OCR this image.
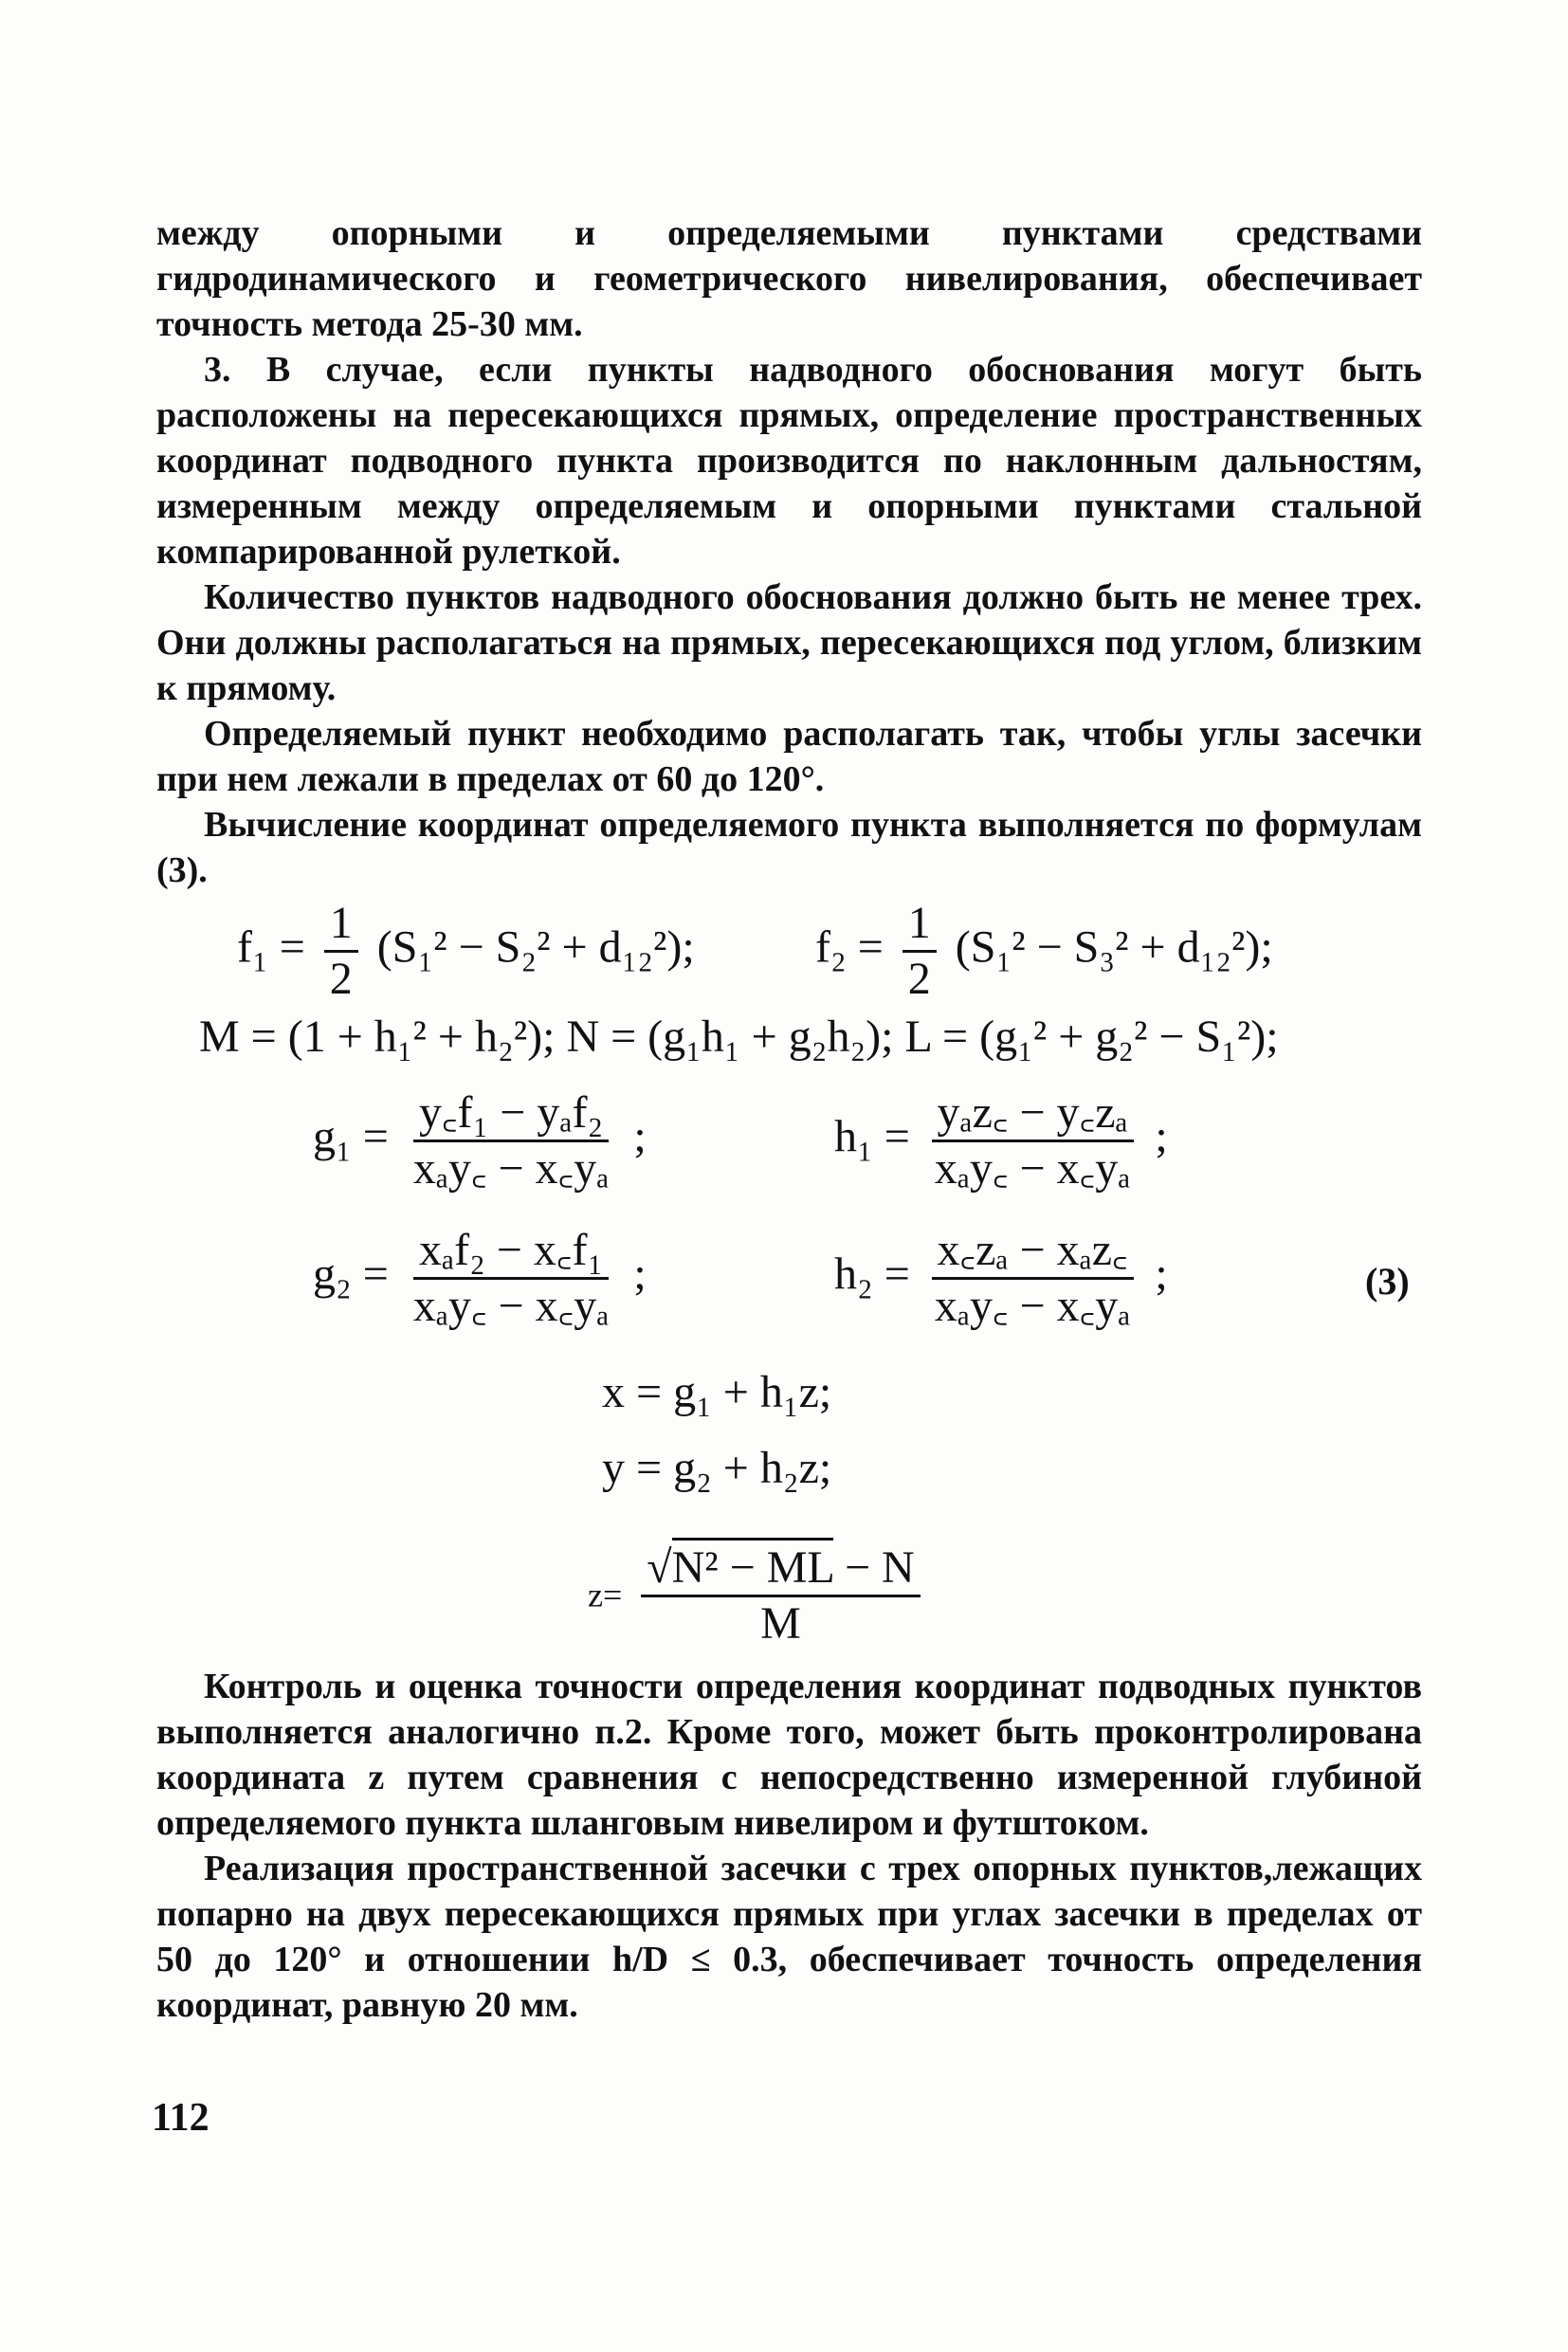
между опорными и определяемыми пунктами средствами гидродинамического и геометрического нивелирования, обеспечивает точность метода 25-30 мм.

3. В случае, если пункты надводного обоснования могут быть расположены на пересекающихся прямых, определение пространственных координат подводного пункта производится по наклонным дальностям, измеренным между определяемым и опорными пунктами стальной компарированной рулеткой.

Количество пунктов надводного обоснования должно быть не менее трех. Они должны располагаться на прямых, пересекающихся под углом, близким к прямому.

Определяемый пункт необходимо располагать так, чтобы углы засечки при нем лежали в пределах от 60 до 120°.

Вычисление координат определяемого пункта выполняется по формулам (3).

$f_1 = \frac{1}{2} (S_1^2 - S_2^2 + d_{12}^2)$;	$f_2 = \frac{1}{2} (S_1^2 - S_3^2 + d_{12}^2)$;
M = (1 + h₁² + h₂²); N = (g₁h₁ + g₂h₂); L = (g₁² + g₂² − S₁²);
$g_1 = \frac{\text{y꜀f₁ − yₐf₂}}{\text{xₐy꜀ − x꜀yₐ}}$ ;	$h_1 = \frac{\text{yₐz꜀ − y꜀zₐ}}{\text{xₐy꜀ − x꜀yₐ}}$ ;
$g_2 = \frac{\text{xₐf₂ − x꜀f₁}}{\text{xₐy꜀ − x꜀yₐ}}$ ;	$h_2 = \frac{\text{x꜀zₐ − xₐz꜀}}{\text{xₐy꜀ − x꜀yₐ}}$ ;	(3)
x = g₁ + h₁z;
y = g₂ + h₂z;
$z= \frac{\text{√N² − ML − N}}{M}$

Контроль и оценка точности определения координат подводных пунктов выполняется аналогично п.2. Кроме того, может быть проконтролирована координата z путем сравнения с непосредственно измеренной глубиной определяемого пункта шланговым нивелиром и футштоком.

Реализация пространственной засечки с трех опорных пунктов,лежащих попарно на двух пересекающихся прямых при углах засечки в пределах от 50 до 120° и отношении h/D ≤ 0.3, обеспечивает точность определения координат, равную 20 мм.

112
